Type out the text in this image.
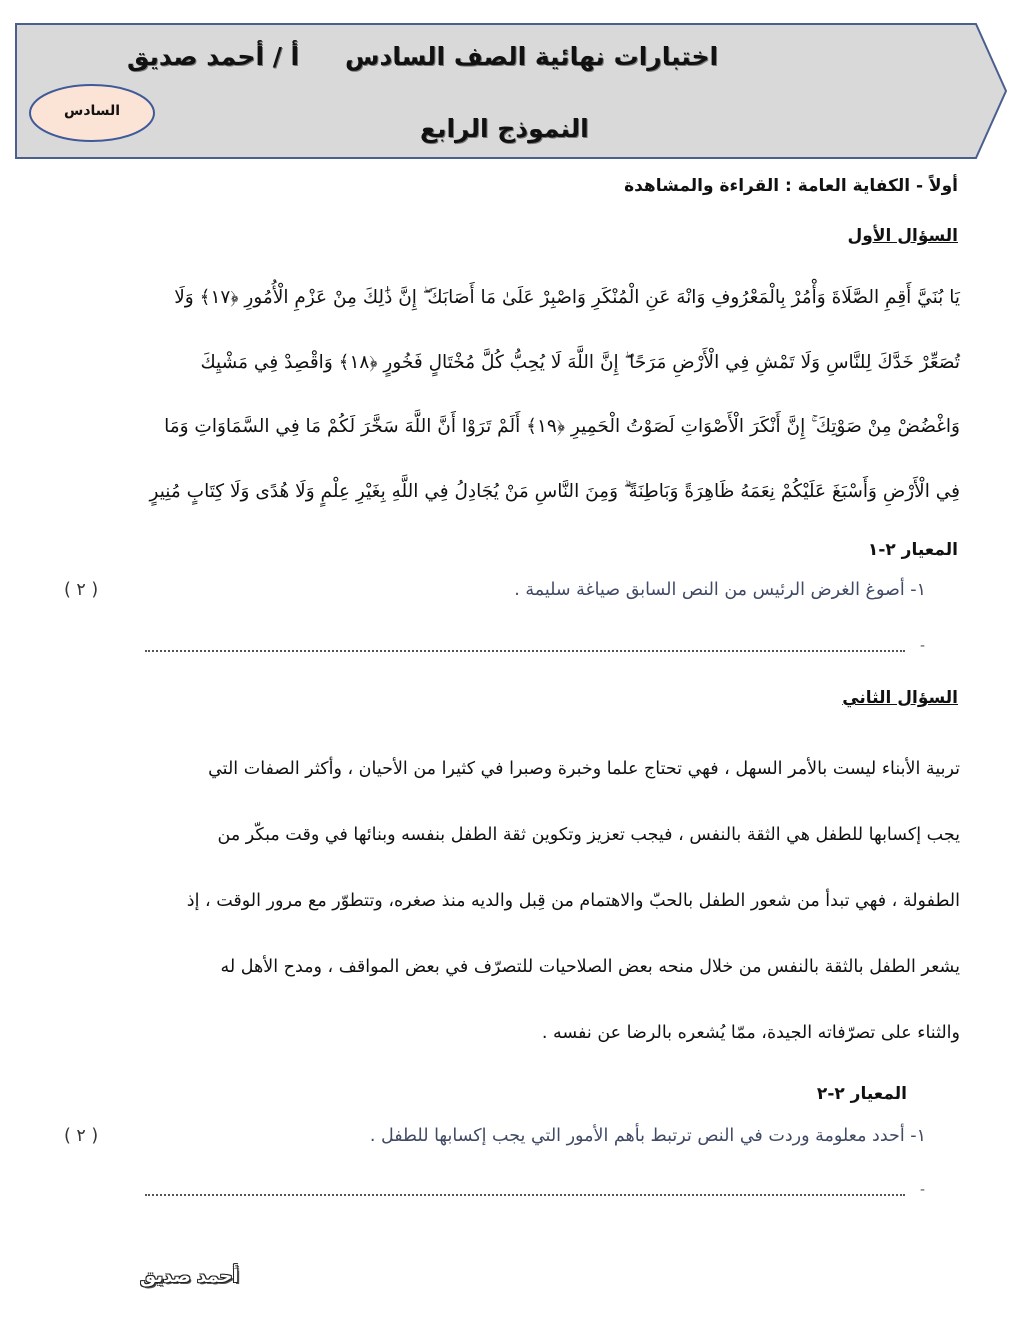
اختبارات نهائية الصف السادس
أ / أحمد صديق
النموذج الرابع
السادس
أولاً - الكفاية العامة : القراءة والمشاهدة
السؤال الأول
يَا بُنَيَّ أَقِمِ الصَّلَاةَ وَأْمُرْ بِالْمَعْرُوفِ وَانْهَ عَنِ الْمُنْكَرِ وَاصْبِرْ عَلَىٰ مَا أَصَابَكَ ۖ إِنَّ ذَٰلِكَ مِنْ عَزْمِ الْأُمُورِ ﴿١٧﴾ وَلَا
تُصَعِّرْ خَدَّكَ لِلنَّاسِ وَلَا تَمْشِ فِي الْأَرْضِ مَرَحًا ۖ إِنَّ اللَّهَ لَا يُحِبُّ كُلَّ مُخْتَالٍ فَخُورٍ ﴿١٨﴾ وَاقْصِدْ فِي مَشْيِكَ
وَاغْضُضْ مِنْ صَوْتِكَ ۚ إِنَّ أَنْكَرَ الْأَصْوَاتِ لَصَوْتُ الْحَمِيرِ ﴿١٩﴾ أَلَمْ تَرَوْا أَنَّ اللَّهَ سَخَّرَ لَكُمْ مَا فِي السَّمَاوَاتِ وَمَا
فِي الْأَرْضِ وَأَسْبَغَ عَلَيْكُمْ نِعَمَهُ ظَاهِرَةً وَبَاطِنَةً ۗ وَمِنَ النَّاسِ مَنْ يُجَادِلُ فِي اللَّهِ بِغَيْرِ عِلْمٍ وَلَا هُدًى وَلَا كِتَابٍ مُنِيرٍ
المعيار ٢-١
١- أصوغ الغرض الرئيس من النص السابق صياغة سليمة .
( ٢ )
-
السؤال الثاني
تربية الأبناء ليست بالأمر السهل ، فهي تحتاج علما وخبرة وصبرا في كثيرا من الأحيان ، وأكثر الصفات التي
يجب إكسابها للطفل هي الثقة بالنفس ، فيجب تعزيز وتكوين ثقة الطفل بنفسه وبنائها في وقت مبكّر من
الطفولة ، فهي تبدأ من شعور الطفل بالحبّ والاهتمام من قِبل والديه منذ صغره، وتتطوّر مع مرور الوقت ، إذ
يشعر الطفل بالثقة بالنفس من خلال منحه بعض الصلاحيات للتصرّف في بعض المواقف ، ومدح الأهل له
والثناء على تصرّفاته الجيدة، ممّا يُشعره بالرضا عن نفسه .
المعيار ٢-٢
١- أحدد معلومة وردت في النص ترتبط بأهم الأمور التي يجب إكسابها للطفل .
( ٢ )
-
أحمد صديق
